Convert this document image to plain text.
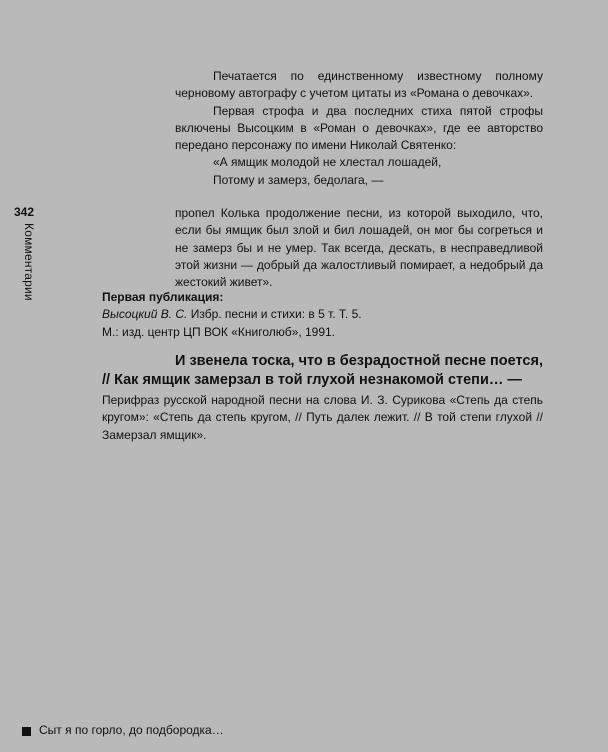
342
Комментарии

Печатается по единственному известному полному черновому автографу с учетом цитаты из «Романа о девочках».

Первая строфа и два последних стиха пятой строфы включены Высоцким в «Роман о девочках», где ее авторство передано персонажу по имени Николай Святенко:

«А ямщик молодой не хлестал лошадей,

Потому и замерз, бедолага, —

пропел Колька продолжение песни, из которой выходило, что, если бы ямщик был злой и бил лошадей, он мог бы согреться и не замерз бы и не умер. Так всегда, дескать, в несправедливой этой жизни — добрый да жалостливый помирает, а недобрый да жестокий живет».

Первая публикация:

Высоцкий В. С. Избр. песни и стихи: в 5 т. Т. 5.

М.: изд. центр ЦП ВОК «Книголюб», 1991.

И звенела тоска, что в безрадостной песне поется, // Как ямщик замерзал в той глухой незнакомой степи… —

Перифраз русской народной песни на слова И. З. Сурикова «Степь да степь кругом»: «Степь да степь кругом, // Путь далек лежит. // В той степи глухой // Замерзал ямщик».

Сыт я по горло, до подбородка…
